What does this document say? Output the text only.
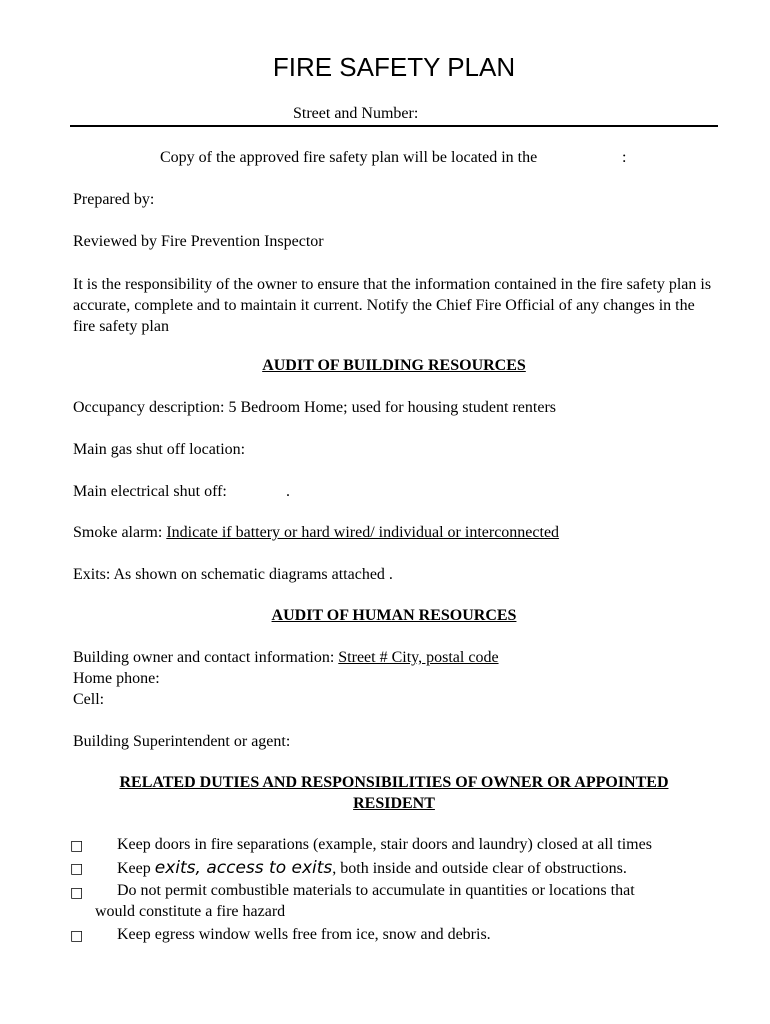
FIRE SAFETY PLAN
Street and Number:
Copy of the approved fire safety plan will be located in the	:
Prepared by:
Reviewed by Fire Prevention Inspector
It is the responsibility of the owner to ensure that the information contained in the fire safety plan is accurate, complete and to maintain it current. Notify the Chief Fire Official of any changes in the fire safety plan
AUDIT OF BUILDING RESOURCES
Occupancy description: 5 Bedroom Home; used for housing student renters
Main gas shut off location:
Main electrical shut off:	.
Smoke alarm: Indicate if battery or hard wired/ individual or interconnected
Exits: As shown on schematic diagrams attached .
AUDIT OF HUMAN RESOURCES
Building owner and contact information: Street # City, postal code
Home phone:
Cell:
Building Superintendent or agent:
RELATED DUTIES AND RESPONSIBILITIES OF OWNER OR APPOINTED
RESIDENT
□ Keep doors in fire separations (example, stair doors and laundry) closed at all times
□ Keep exits, access to exits, both inside and outside clear of obstructions.
□ Do not permit combustible materials to accumulate in quantities or locations that
would constitute a fire hazard
□ Keep egress window wells free from ice, snow and debris.
